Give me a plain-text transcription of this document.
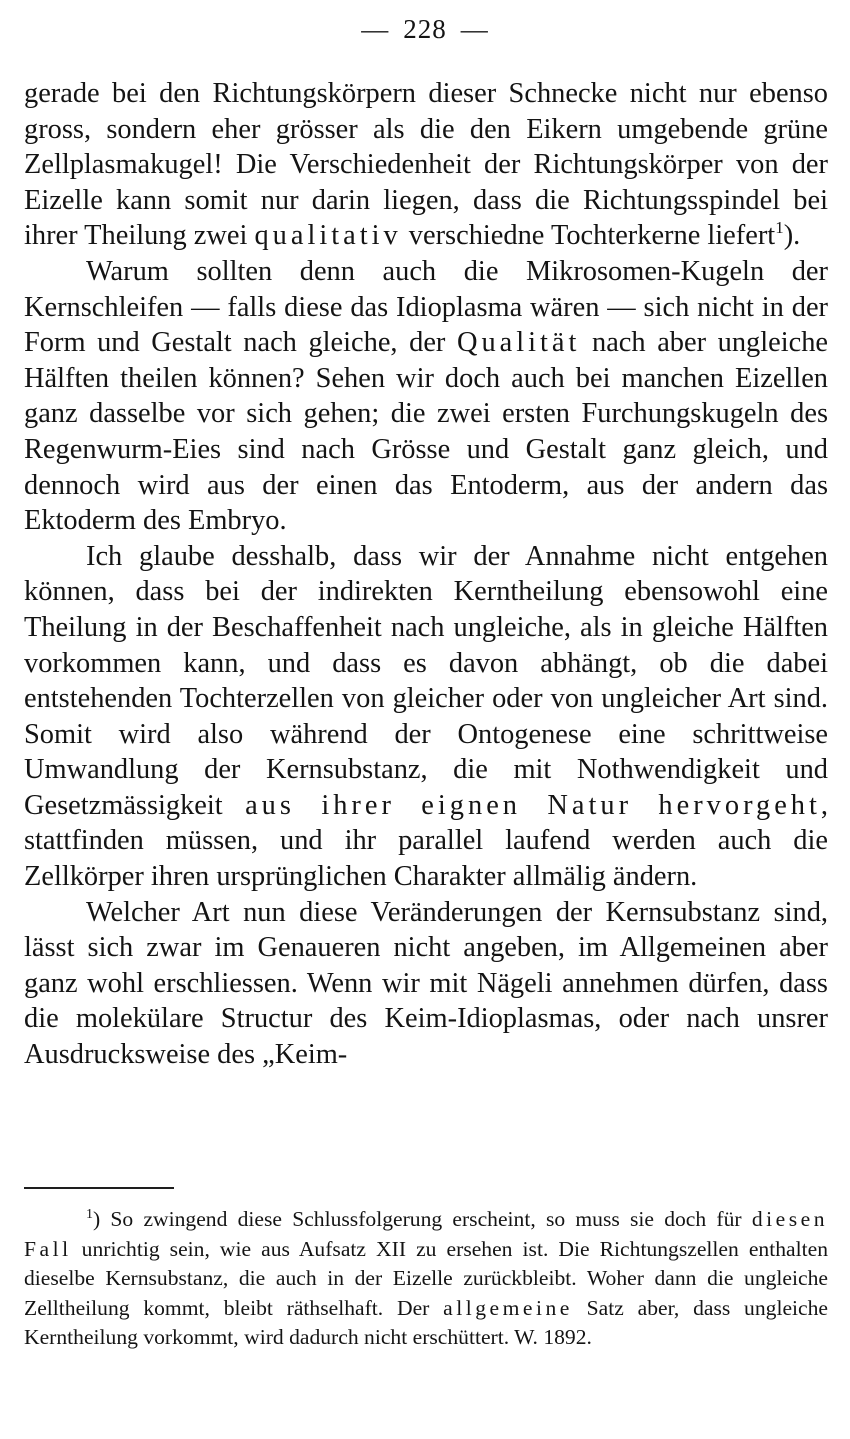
— 228 —

gerade bei den Richtungskörpern dieser Schnecke nicht nur ebenso gross, sondern eher grösser als die den Eikern umgebende grüne Zellplasmakugel! Die Verschiedenheit der Richtungskörper von der Eizelle kann somit nur darin liegen, dass die Richtungsspindel bei ihrer Theilung zwei qualitativ verschiedne Tochterkerne liefert$^1$).

Warum sollten denn auch die Mikrosomen-Kugeln der Kernschleifen — falls diese das Idioplasma wären — sich nicht in der Form und Gestalt nach gleiche, der Qualität nach aber ungleiche Hälften theilen können? Sehen wir doch auch bei manchen Eizellen ganz dasselbe vor sich gehen; die zwei ersten Furchungskugeln des Regenwurm-Eies sind nach Grösse und Gestalt ganz gleich, und dennoch wird aus der einen das Entoderm, aus der andern das Ektoderm des Embryo.

Ich glaube desshalb, dass wir der Annahme nicht entgehen können, dass bei der indirekten Kerntheilung ebensowohl eine Theilung in der Beschaffenheit nach ungleiche, als in gleiche Hälften vorkommen kann, und dass es davon abhängt, ob die dabei entstehenden Tochterzellen von gleicher oder von ungleicher Art sind. Somit wird also während der Ontogenese eine schrittweise Umwandlung der Kernsubstanz, die mit Nothwendigkeit und Gesetzmässigkeit aus ihrer eignen Natur hervorgeht, stattfinden müssen, und ihr parallel laufend werden auch die Zellkörper ihren ursprünglichen Charakter allmälig ändern.

Welcher Art nun diese Veränderungen der Kernsubstanz sind, lässt sich zwar im Genaueren nicht angeben, im Allgemeinen aber ganz wohl erschliessen. Wenn wir mit Nägeli annehmen dürfen, dass die molekülare Structur des Keim-Idioplasmas, oder nach unsrer Ausdrucksweise des „Keim-

$^1$) So zwingend diese Schlussfolgerung erscheint, so muss sie doch für diesen Fall unrichtig sein, wie aus Aufsatz XII zu ersehen ist. Die Richtungszellen enthalten dieselbe Kernsubstanz, die auch in der Eizelle zurückbleibt. Woher dann die ungleiche Zelltheilung kommt, bleibt räthselhaft. Der allgemeine Satz aber, dass ungleiche Kerntheilung vorkommt, wird dadurch nicht erschüttert. W. 1892.
